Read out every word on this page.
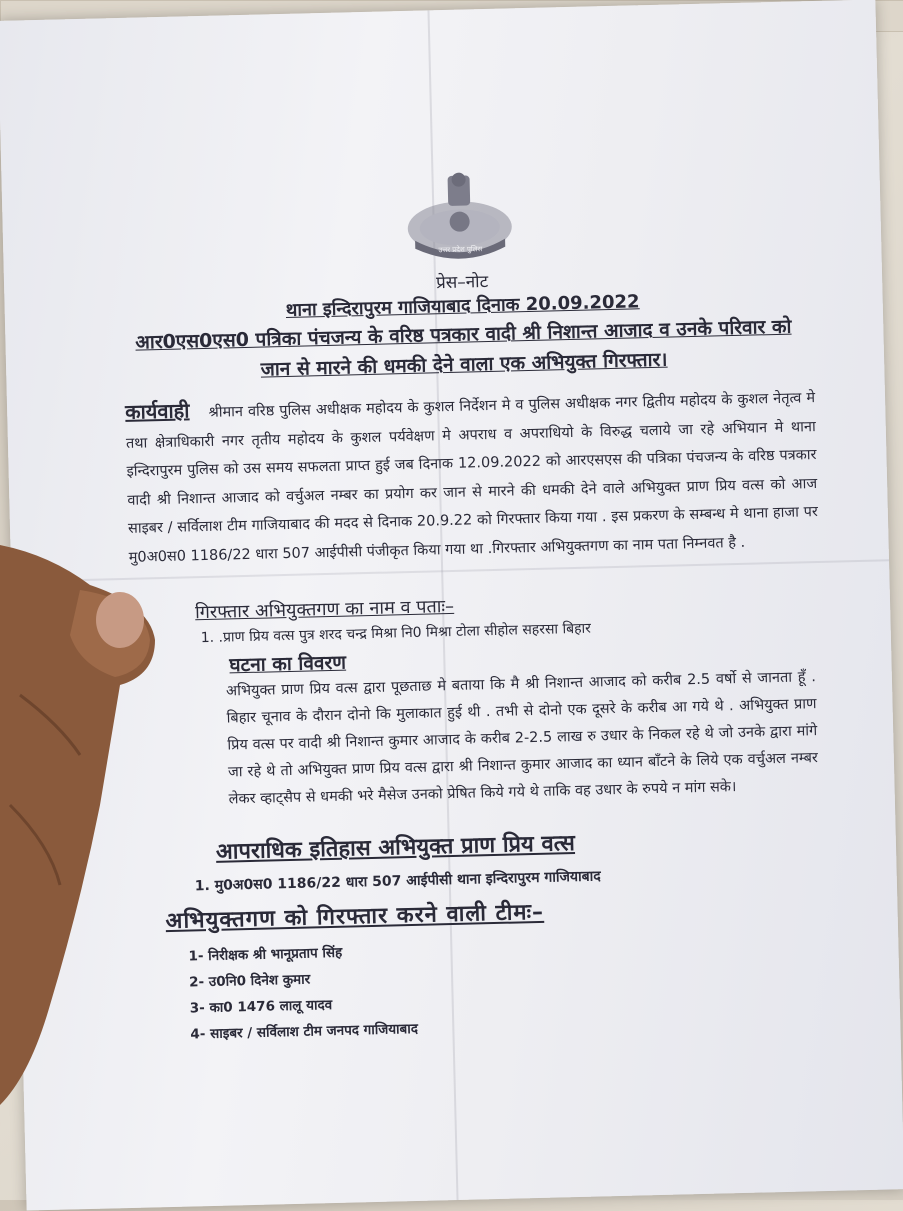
उत्तर प्रदेश पुलिस
प्रेस–नोट
थाना इन्दिरापुरम गाजियाबाद दिनाक 20.09.2022
आर0एस0एस0 पत्रिका पंचजन्य के वरिष्ठ पत्रकार वादी श्री निशान्त आजाद व उनके परिवार को
जान से मारने की धमकी देने वाला एक अभियुक्त गिरफ्तार।
कार्यवाही श्रीमान वरिष्ठ पुलिस अधीक्षक महोदय के कुशल निर्देशन मे व पुलिस अधीक्षक नगर द्वितीय महोदय के कुशल नेतृत्व मे तथा क्षेत्राधिकारी नगर तृतीय महोदय के कुशल पर्यवेक्षण मे अपराध व अपराधियो के विरुद्ध चलाये जा रहे अभियान मे थाना इन्दिरापुरम पुलिस को उस समय सफलता प्राप्त हुई जब दिनाक 12.09.2022 को आरएसएस की पत्रिका पंचजन्य के वरिष्ठ पत्रकार वादी श्री निशान्त आजाद को वर्चुअल नम्बर का प्रयोग कर जान से मारने की धमकी देने वाले अभियुक्त प्राण प्रिय वत्स को आज साइबर / सर्विलाश टीम गाजियाबाद की मदद से दिनाक 20.9.22 को गिरफ्तार किया गया . इस प्रकरण के सम्बन्ध मे थाना हाजा पर मु0अ0स0 1186/22 धारा 507 आईपीसी पंजीकृत किया गया था .गिरफ्तार अभियुक्तगण का नाम पता निम्नवत है .
गिरफ्तार अभियुक्तगण का नाम व पताः–
1. .प्राण प्रिय वत्स पुत्र शरद चन्द्र मिश्रा नि0 मिश्रा टोला सीहोल सहरसा बिहार
घटना का विवरण
अभियुक्त प्राण प्रिय वत्स द्वारा पूछताछ मे बताया कि मै श्री निशान्त आजाद को करीब 2.5 वर्षो से जानता हूँ . बिहार चूनाव के दौरान दोनो कि मुलाकात हुई थी . तभी से दोनो एक दूसरे के करीब आ गये थे . अभियुक्त प्राण प्रिय वत्स पर वादी श्री निशान्त कुमार आजाद के करीब 2-2.5 लाख रु उधार के निकल रहे थे जो उनके द्वारा मांगे जा रहे थे तो अभियुक्त प्राण प्रिय वत्स द्वारा श्री निशान्त कुमार आजाद का ध्यान बाँटने के लिये एक वर्चुअल नम्बर लेकर व्हाट्सैप से धमकी भरे मैसेज उनको प्रेषित किये गये थे ताकि वह उधार के रुपये न मांग सके।
आपराधिक इतिहास अभियुक्त प्राण प्रिय वत्स
1. मु0अ0स0 1186/22 धारा 507 आईपीसी थाना इन्दिरापुरम गाजियाबाद
अभियुक्तगण को गिरफ्तार करने वाली टीमः–
1- निरीक्षक श्री भानूप्रताप सिंह
2- उ0नि0 दिनेश कुमार
3- का0 1476 लालू यादव
4- साइबर / सर्विलाश टीम जनपद गाजियाबाद
